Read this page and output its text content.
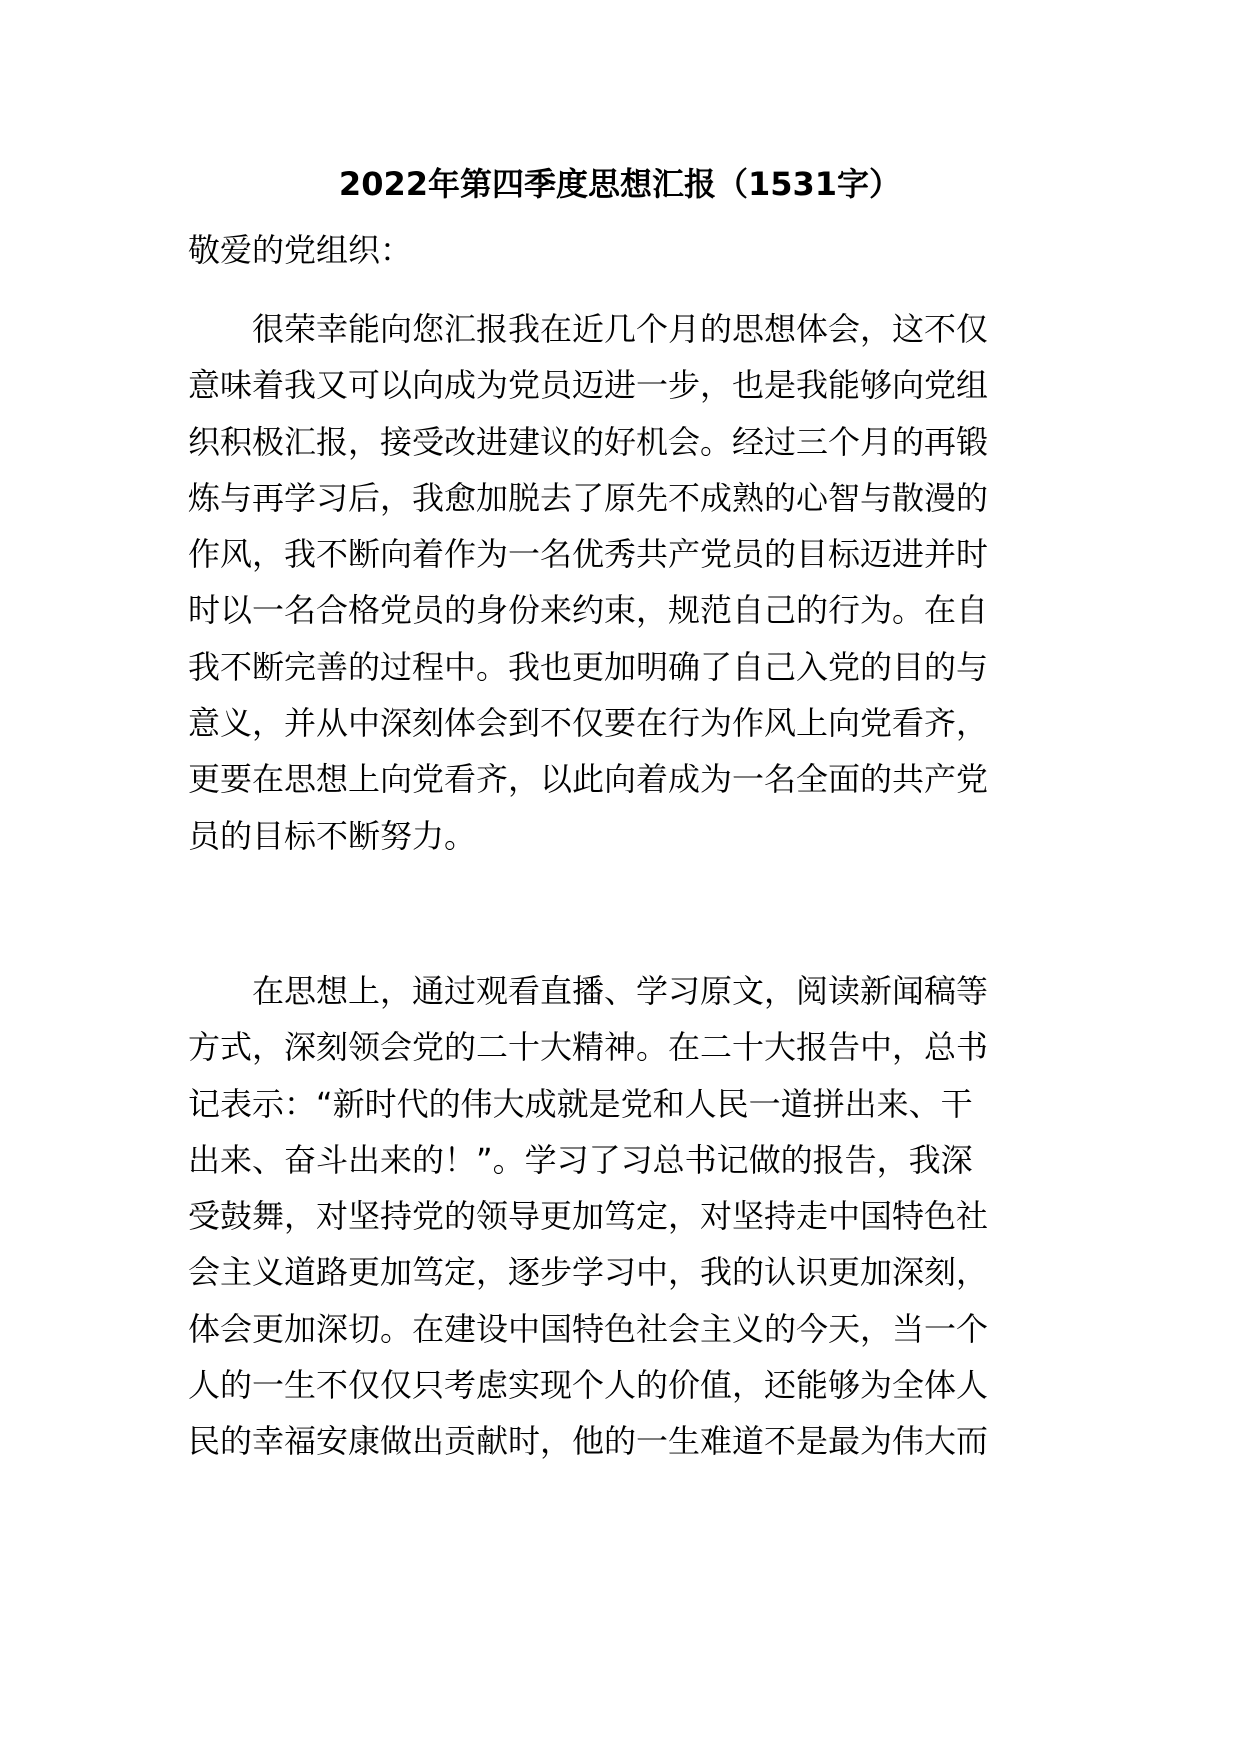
2022年第四季度思想汇报（1531字）
敬爱的党组织：
　　很荣幸能向您汇报我在近几个月的思想体会，这不仅
意味着我又可以向成为党员迈进一步，也是我能够向党组
织积极汇报，接受改进建议的好机会。经过三个月的再锻
炼与再学习后，我愈加脱去了原先不成熟的心智与散漫的
作风，我不断向着作为一名优秀共产党员的目标迈进并时
时以一名合格党员的身份来约束，规范自己的行为。在自
我不断完善的过程中。我也更加明确了自己入党的目的与
意义，并从中深刻体会到不仅要在行为作风上向党看齐，
更要在思想上向党看齐，以此向着成为一名全面的共产党
员的目标不断努力。
　　在思想上，通过观看直播、学习原文，阅读新闻稿等
方式，深刻领会党的二十大精神。在二十大报告中，总书
记表示：“新时代的伟大成就是党和人民一道拼出来、干
出来、奋斗出来的！”。学习了习总书记做的报告，我深
受鼓舞，对坚持党的领导更加笃定，对坚持走中国特色社
会主义道路更加笃定，逐步学习中，我的认识更加深刻，
体会更加深切。在建设中国特色社会主义的今天，当一个
人的一生不仅仅只考虑实现个人的价值，还能够为全体人
民的幸福安康做出贡献时，他的一生难道不是最为伟大而
